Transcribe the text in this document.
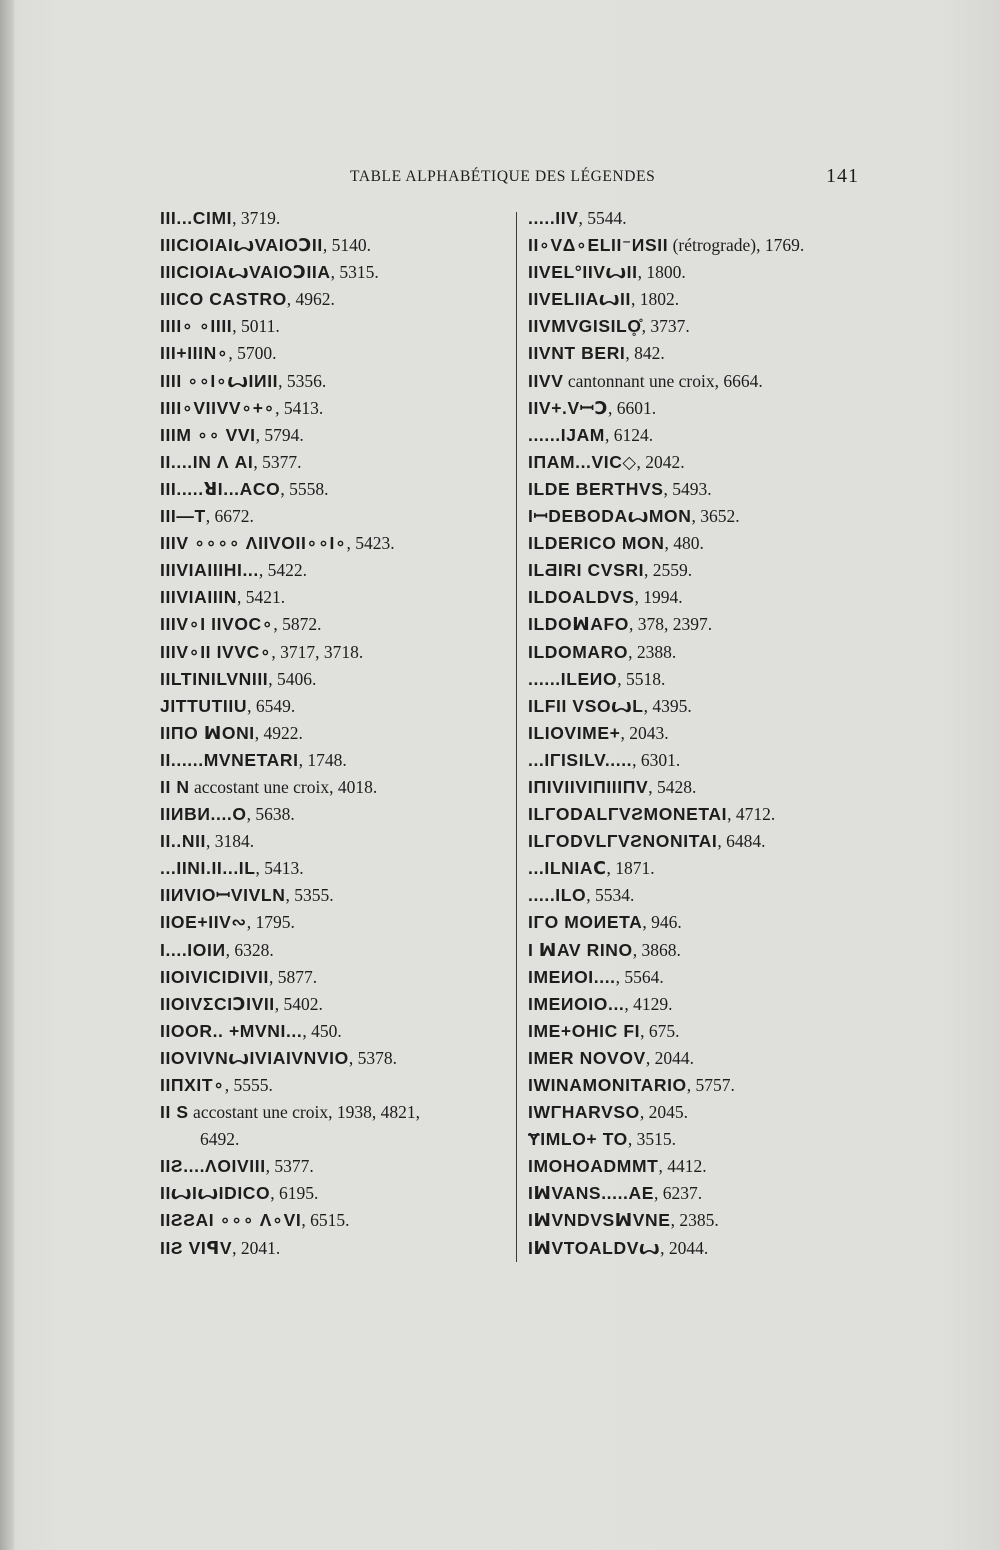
TABLE ALPHABÉTIQUE DES LÉGENDES	141
III...CIMI, 3719.
IIICIOIAIꙍVAIOↃII, 5140.
IIICIOIAꙍVAIOↃIIA, 5315.
IIICO CASTRO, 4962.
IIII∘ ∘IIII, 5011.
III+IIIN∘, 5700.
IIII ∘∘I∘ꙍIИII, 5356.
IIII∘VIIVV∘+∘, 5413.
IIIM ∘∘ VVI, 5794.
II....IN Λ AI, 5377.
III.....ꓤI...ACO, 5558.
III—T, 6672.
IIIV ∘∘∘∘ ΛIIVOII∘∘I∘, 5423.
IIIVIAIIIHI..., 5422.
IIIVIAIIIN, 5421.
IIIV∘I IIVOC∘, 5872.
IIIV∘II IVVC∘, 3717, 3718.
IILTINILVNIII, 5406.
JITTUTIIU, 6549.
IIΠO ꟽONI, 4922.
II......MVNETARI, 1748.
II N accostant une croix, 4018.
IIИBИ....O, 5638.
II..NII, 3184.
...IINI.II...IL, 5413.
IIИVIOꟷVIVLN, 5355.
IIOE+IIV∾, 1795.
I....IOIИ, 6328.
IIOIVICIDIVII, 5877.
IIOIVƩCIↃIVII, 5402.
IIOOR.. +MVNI..., 450.
IIOVIVNꙍIVIAIVNVIO, 5378.
IIΠXIT∘, 5555.
II S accostant une croix, 1938, 4821,
6492.
IIƧ....ΛOIVIII, 5377.
IIꙍIꙍIDICO, 6195.
IIƧƧAI ∘∘∘ Λ∘VI, 6515.
IIƧ VIꟼV, 2041.
.....IIV, 5544.
II∘VΔ∘ELII⁻ИSII (rétrograde), 1769.
IIVEL°IIVꙍII, 1800.
IIVELIIAꙍII, 1802.
IIVMVGISILO̥̊, 3737.
IIVNT BERI, 842.
IIVV cantonnant une croix, 6664.
IIV+.VꟷↃ, 6601.
......IJAM, 6124.
IΠAM...VIC◇, 2042.
ILDE BERTHVS, 5493.
IꟷDEBODAꙍMON, 3652.
ILDERICO MON, 480.
ILƋIRI CVSRI, 2559.
ILDOALDVS, 1994.
ILDOꟽAFO, 378, 2397.
ILDOMARO, 2388.
......ILEИO, 5518.
ILFII VSOꙍL, 4395.
ILIOVIME+, 2043.
...IΓISILV....., 6301.
IΠIVIIVIΠIIIΠV, 5428.
ILΓODALΓVƧMONETAI, 4712.
ILΓODVLΓVƧNONITAI, 6484.
...ILNIAⅭ, 1871.
.....ILO, 5534.
IΓO MOИETA, 946.
I ꟽAV RINO, 3868.
IMEИOI...., 5564.
IMEИOIO..., 4129.
IME+OHIC FI, 675.
IMER NOVOV, 2044.
IWINAMONITARIO, 5757.
IWΓHARVSO, 2045.
ɎIMLO+ TO, 3515.
IMOHOADMMT, 4412.
IꟽVANS.....AE, 6237.
IꟽVNDVSꟽVNE, 2385.
IꟽVTOALDVꙍ, 2044.
